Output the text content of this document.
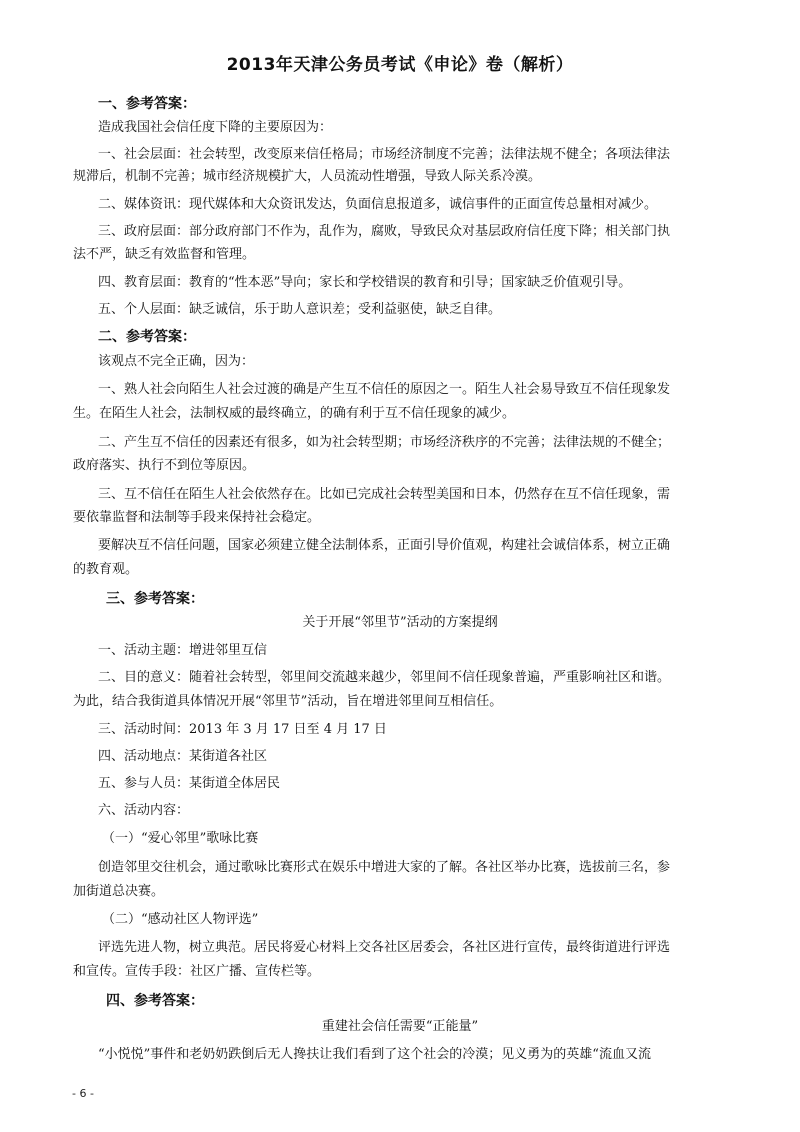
2013年天津公务员考试《申论》卷（解析）
一、参考答案：
造成我国社会信任度下降的主要原因为：
一、社会层面：社会转型，改变原来信任格局；市场经济制度不完善；法律法规不健全；各项法律法
规滞后，机制不完善；城市经济规模扩大，人员流动性增强，导致人际关系冷漠。
二、媒体资讯：现代媒体和大众资讯发达，负面信息报道多，诚信事件的正面宣传总量相对减少。
三、政府层面：部分政府部门不作为，乱作为，腐败，导致民众对基层政府信任度下降；相关部门执
法不严，缺乏有效监督和管理。
四、教育层面：教育的“性本恶”导向；家长和学校错误的教育和引导；国家缺乏价值观引导。
五、个人层面：缺乏诚信，乐于助人意识差；受利益驱使，缺乏自律。
二、参考答案：
该观点不完全正确，因为：
一、熟人社会向陌生人社会过渡的确是产生互不信任的原因之一。陌生人社会易导致互不信任现象发
生。在陌生人社会，法制权威的最终确立，的确有利于互不信任现象的减少。
二、产生互不信任的因素还有很多，如为社会转型期；市场经济秩序的不完善；法律法规的不健全；
政府落实、执行不到位等原因。
三、互不信任在陌生人社会依然存在。比如已完成社会转型美国和日本，仍然存在互不信任现象，需
要依靠监督和法制等手段来保持社会稳定。
要解决互不信任问题，国家必须建立健全法制体系，正面引导价值观，构建社会诚信体系，树立正确
的教育观。
三、参考答案：
关于开展“邻里节”活动的方案提纲
一、活动主题：增进邻里互信
二、目的意义：随着社会转型，邻里间交流越来越少，邻里间不信任现象普遍，严重影响社区和谐。
为此，结合我街道具体情况开展“邻里节”活动，旨在增进邻里间互相信任。
三、活动时间：2013 年 3 月 17 日至 4 月 17 日
四、活动地点：某街道各社区
五、参与人员：某街道全体居民
六、活动内容：
（一）“爱心邻里”歌咏比赛
创造邻里交往机会，通过歌咏比赛形式在娱乐中增进大家的了解。各社区举办比赛，选拔前三名，参
加街道总决赛。
（二）“感动社区人物评选”
评选先进人物，树立典范。居民将爱心材料上交各社区居委会，各社区进行宣传，最终街道进行评选
和宣传。宣传手段：社区广播、宣传栏等。
四、参考答案：
重建社会信任需要“正能量”
“小悦悦”事件和老奶奶跌倒后无人搀扶让我们看到了这个社会的冷漠；见义勇为的英雄“流血又流
- 6 -
